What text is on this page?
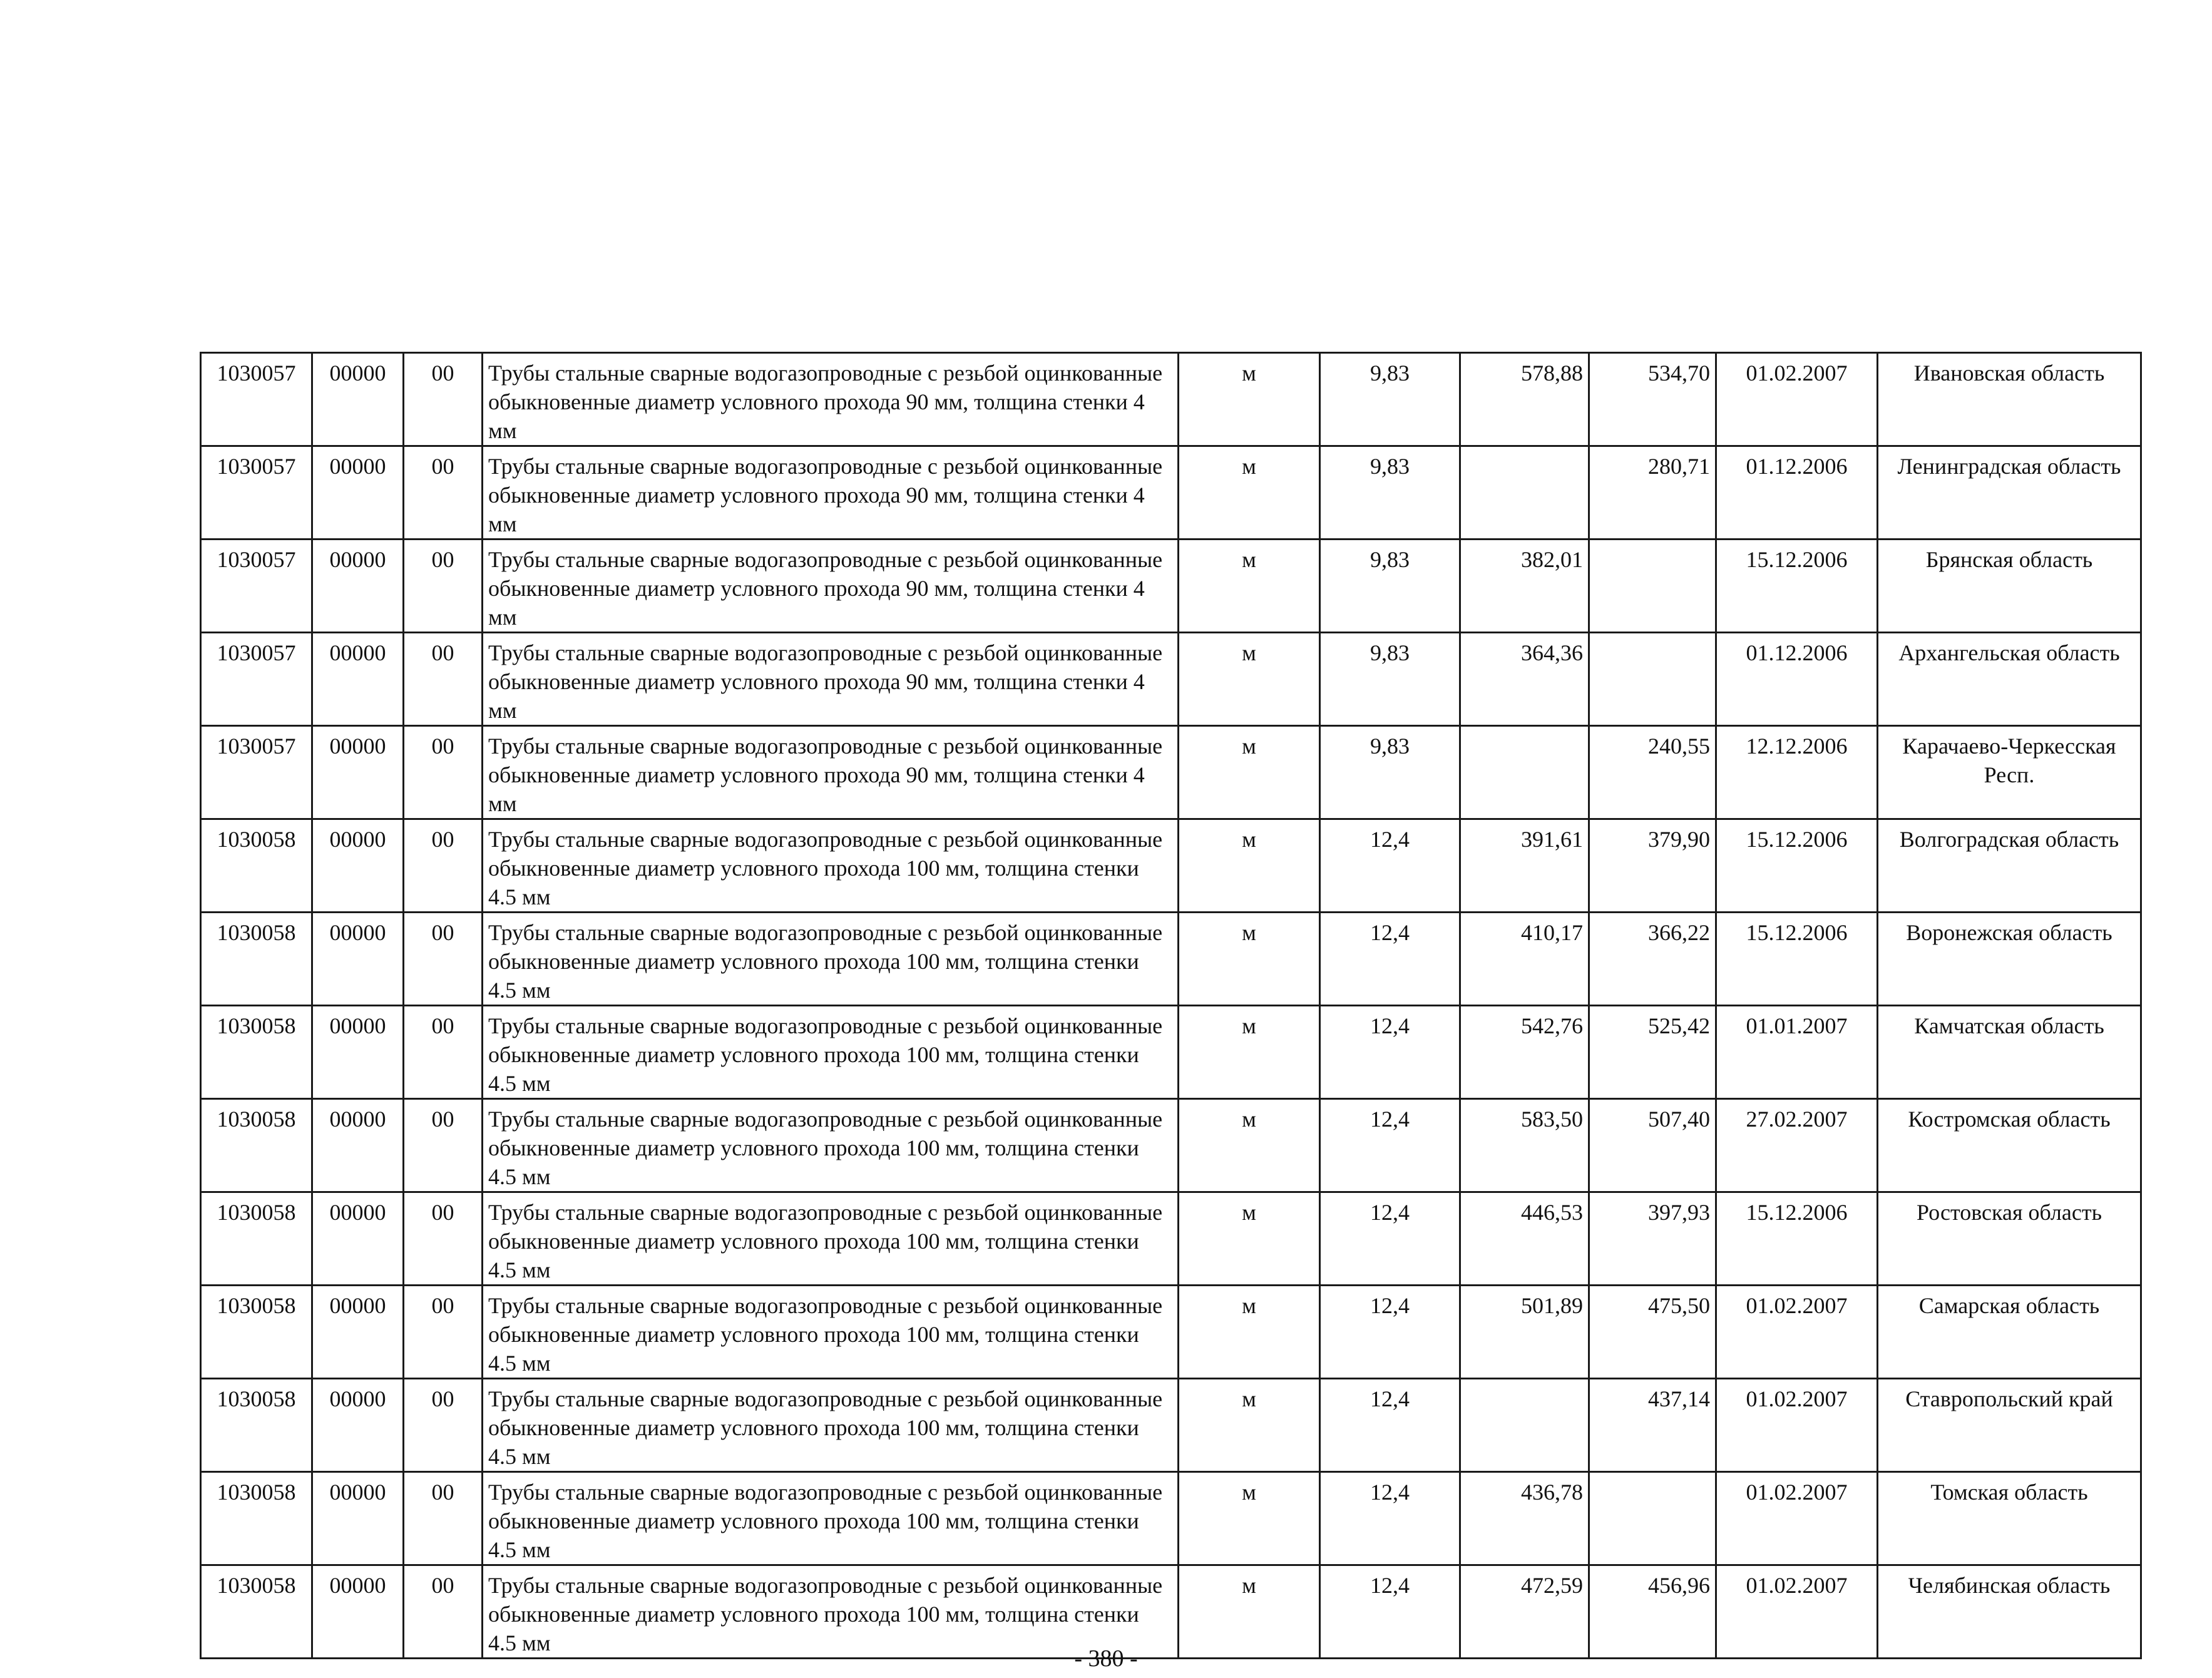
1030057	00000	00	Трубы стальные сварные водогазопроводные с резьбой оцинкованные обыкновенные диаметр условного прохода 90 мм, толщина стенки 4 мм	м	9,83	578,88	534,70	01.02.2007	Ивановская область
1030057	00000	00	Трубы стальные сварные водогазопроводные с резьбой оцинкованные обыкновенные диаметр условного прохода 90 мм, толщина стенки 4 мм	м	9,83		280,71	01.12.2006	Ленинградская область
1030057	00000	00	Трубы стальные сварные водогазопроводные с резьбой оцинкованные обыкновенные диаметр условного прохода 90 мм, толщина стенки 4 мм	м	9,83	382,01		15.12.2006	Брянская область
1030057	00000	00	Трубы стальные сварные водогазопроводные с резьбой оцинкованные обыкновенные диаметр условного прохода 90 мм, толщина стенки 4 мм	м	9,83	364,36		01.12.2006	Архангельская область
1030057	00000	00	Трубы стальные сварные водогазопроводные с резьбой оцинкованные обыкновенные диаметр условного прохода 90 мм, толщина стенки 4 мм	м	9,83		240,55	12.12.2006	Карачаево-Черкесская Респ.
1030058	00000	00	Трубы стальные сварные водогазопроводные с резьбой оцинкованные обыкновенные диаметр условного прохода 100 мм, толщина стенки 4.5 мм	м	12,4	391,61	379,90	15.12.2006	Волгоградская область
1030058	00000	00	Трубы стальные сварные водогазопроводные с резьбой оцинкованные обыкновенные диаметр условного прохода 100 мм, толщина стенки 4.5 мм	м	12,4	410,17	366,22	15.12.2006	Воронежская область
1030058	00000	00	Трубы стальные сварные водогазопроводные с резьбой оцинкованные обыкновенные диаметр условного прохода 100 мм, толщина стенки 4.5 мм	м	12,4	542,76	525,42	01.01.2007	Камчатская область
1030058	00000	00	Трубы стальные сварные водогазопроводные с резьбой оцинкованные обыкновенные диаметр условного прохода 100 мм, толщина стенки 4.5 мм	м	12,4	583,50	507,40	27.02.2007	Костромская область
1030058	00000	00	Трубы стальные сварные водогазопроводные с резьбой оцинкованные обыкновенные диаметр условного прохода 100 мм, толщина стенки 4.5 мм	м	12,4	446,53	397,93	15.12.2006	Ростовская область
1030058	00000	00	Трубы стальные сварные водогазопроводные с резьбой оцинкованные обыкновенные диаметр условного прохода 100 мм, толщина стенки 4.5 мм	м	12,4	501,89	475,50	01.02.2007	Самарская область
1030058	00000	00	Трубы стальные сварные водогазопроводные с резьбой оцинкованные обыкновенные диаметр условного прохода 100 мм, толщина стенки 4.5 мм	м	12,4		437,14	01.02.2007	Ставропольский край
1030058	00000	00	Трубы стальные сварные водогазопроводные с резьбой оцинкованные обыкновенные диаметр условного прохода 100 мм, толщина стенки 4.5 мм	м	12,4	436,78		01.02.2007	Томская область
1030058	00000	00	Трубы стальные сварные водогазопроводные с резьбой оцинкованные обыкновенные диаметр условного прохода 100 мм, толщина стенки 4.5 мм	м	12,4	472,59	456,96	01.02.2007	Челябинская область
- 380 -
